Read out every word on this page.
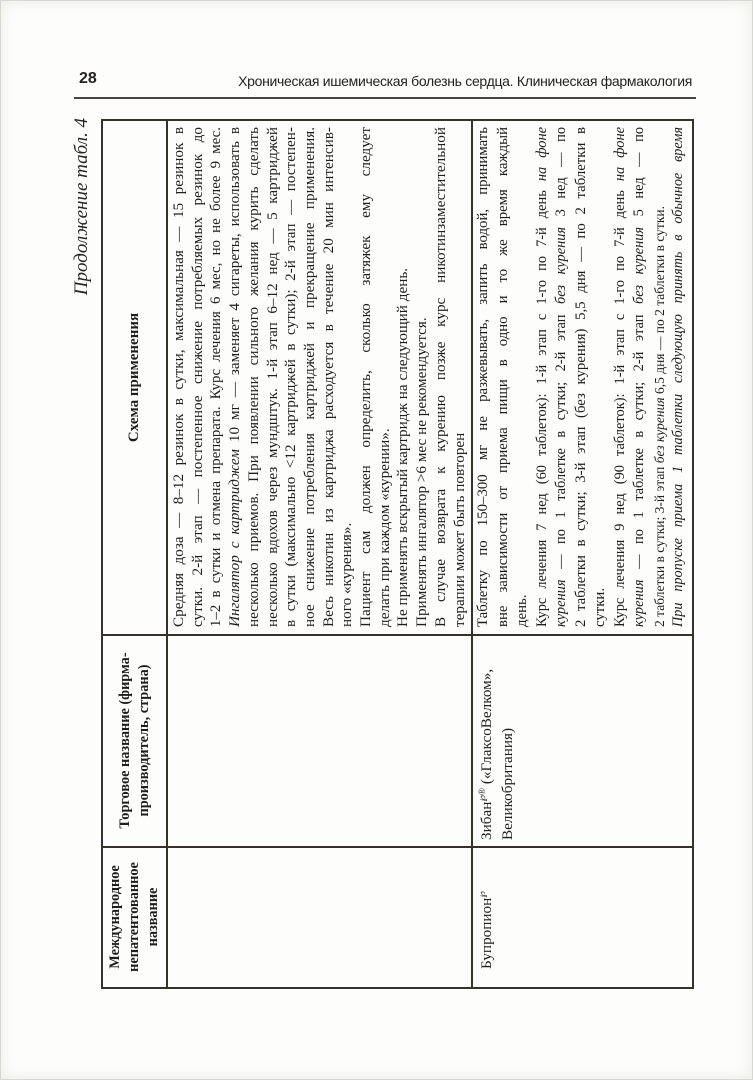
28	Хроническая ишемическая болезнь сердца. Клиническая фармакология
Продолжение табл. 4
Схема применения
Торговое название (фирма- производитель, страна)
Международное непатентованное название
Средняя доза — 8–12 резинок в сутки, максимальная — 15 резинок в сутки. 2-й этап — постепенное снижение потребляемых резинок до 1–2 в сутки и отмена препарата. Курс лечения 6 мес, но не более 9 мес. Ингалятор с картриджем 10 мг — заменяет 4 сигареты, использовать в несколько приемов. При появлении сильного желания курить сделать несколько вдохов через мундштук. 1-й этап 6–12 нед — 5 картриджей в сутки (максимально <12 картриджей в сутки); 2-й этап — постепен- ное снижение потребления картриджей и прекращение применения. Весь никотин из картриджа расходуется в течение 20 мин интенсив- ного «курения». Пациент сам должен определить, сколько затяжек ему следует делать при каждом «курении». Не применять вскрытый картридж на следующий день. Применять ингалятор >6 мес не рекомендуется. В случае возврата к курению позже курс никотинзаместительной терапии может быть повторен Таблетку по 150–300 мг не разжевывать, запить водой, принимать вне зависимости от приема пищи в одно и то же время каждый день. Курс лечения 7 нед (60 таблеток): 1-й этап с 1-го по 7-й день на фоне
курения — по 1 таблетке в сутки; 2-й этап без курения 3 нед — по 2 таблетки в сутки; 3-й этап (без курения) 5,5 дня — по 2 таблетки в сутки. Курс лечения 9 нед (90 таблеток): 1-й этап с 1-го по 7-й день на фоне
курения — по 1 таблетке в сутки; 2-й этап без курения 5 нед — по
2 таблетки в сутки; 3-й этап без курения 6,5 дня — по 2 таблетки в сутки. При пропуске приема 1 таблетки следующую принять в обычное время
Зибан℘® («ГлаксоВелком», Великобритания)
Бупропион℘
